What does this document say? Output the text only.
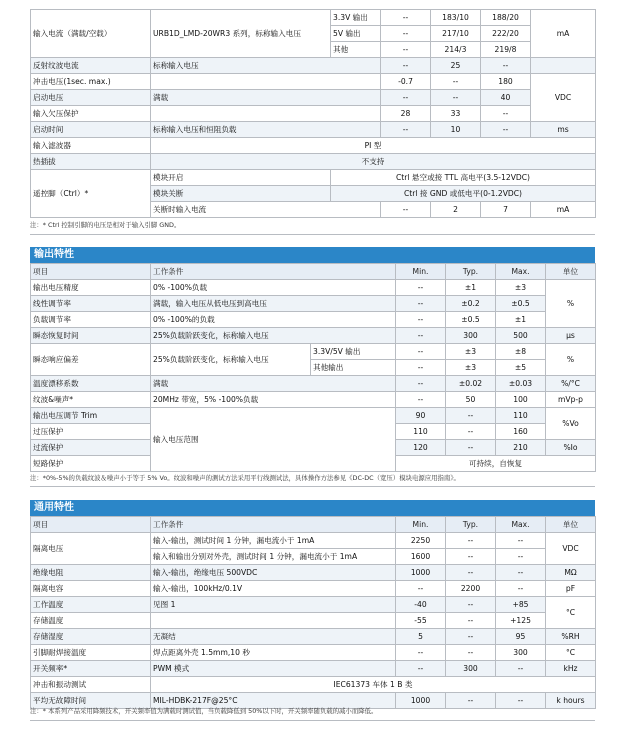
输入电流（满载/空载）	URB1D_LMD-20WR3 系列，标称输入电压	3.3V 输出	--	183/10	188/20	mA
		5V 输出	--	217/10	222/20	
		其他	--	214/3	219/8	
反射纹波电流	标称输入电压		--	25	--	
冲击电压(1sec. max.)			-0.7	--	180	VDC
启动电压	满载		--	--	40	
输入欠压保护			28	33	--	
启动时间	标称输入电压和恒阻负载		--	10	--	ms
输入滤波器	PI 型					
热插拔	不支持					
遥控脚（Ctrl）*	模块开启	Ctrl 悬空或接 TTL 高电平(3.5-12VDC)				
	模块关断	Ctrl 接 GND 或低电平(0-1.2VDC)				
	关断时输入电流		--	2	7	mA
注：* Ctrl 控制引脚的电压是相对于输入引脚 GND。
输出特性
项目	工作条件		Min.	Typ.	Max.	单位
输出电压精度	0% -100%负载		--	±1	±3	%
线性调节率	满载，输入电压从低电压到高电压		--	±0.2	±0.5	
负载调节率	0% -100%的负载		--	±0.5	±1	
瞬态恢复时间	25%负载阶跃变化，标称输入电压		--	300	500	μs
瞬态响应偏差	25%负载阶跃变化，标称输入电压	3.3V/5V 输出	--	±3	±8	%
		其他输出	--	±3	±5	
温度漂移系数	满载		--	±0.02	±0.03	%/°C
纹波&噪声*	20MHz 带宽，5% -100%负载		--	50	100	mVp-p
输出电压调节 Trim	输入电压范围		90	--	110	%Vo
过压保护			110	--	160	
过流保护			120	--	210	%Io
短路保护			可持续，自恢复			
注：*0%-5%的负载纹波＆噪声小于等于 5% Vo。纹波和噪声的测试方法采用平行线测试法，具体操作方法参见《DC-DC（宽压）模块电源应用指南》。
通用特性
项目	工作条件	Min.	Typ.	Max.	单位
隔离电压	输入-输出，测试时间 1 分钟，漏电流小于 1mA	2250	--	--	VDC
	输入和输出分别对外壳，测试时间 1 分钟，漏电流小于 1mA	1600	--	--	
绝缘电阻	输入-输出，绝缘电压 500VDC	1000	--	--	MΩ
隔离电容	输入-输出，100kHz/0.1V	--	2200	--	pF
工作温度	见图 1	-40	--	+85	°C
存储温度		-55	--	+125	
存储湿度	无凝结	5	--	95	%RH
引脚耐焊接温度	焊点距离外壳 1.5mm,10 秒	--	--	300	°C
开关频率*	PWM 模式	--	300	--	kHz
冲击和振动测试	IEC61373 车体 1 B 类				
平均无故障时间	MIL-HDBK-217F@25°C	1000	--	--	k hours
注：* 本系列产品采用降频技术，开关频率值为满载时测试值，当负载降低到 50%以下时，开关频率随负载的减小而降低。
